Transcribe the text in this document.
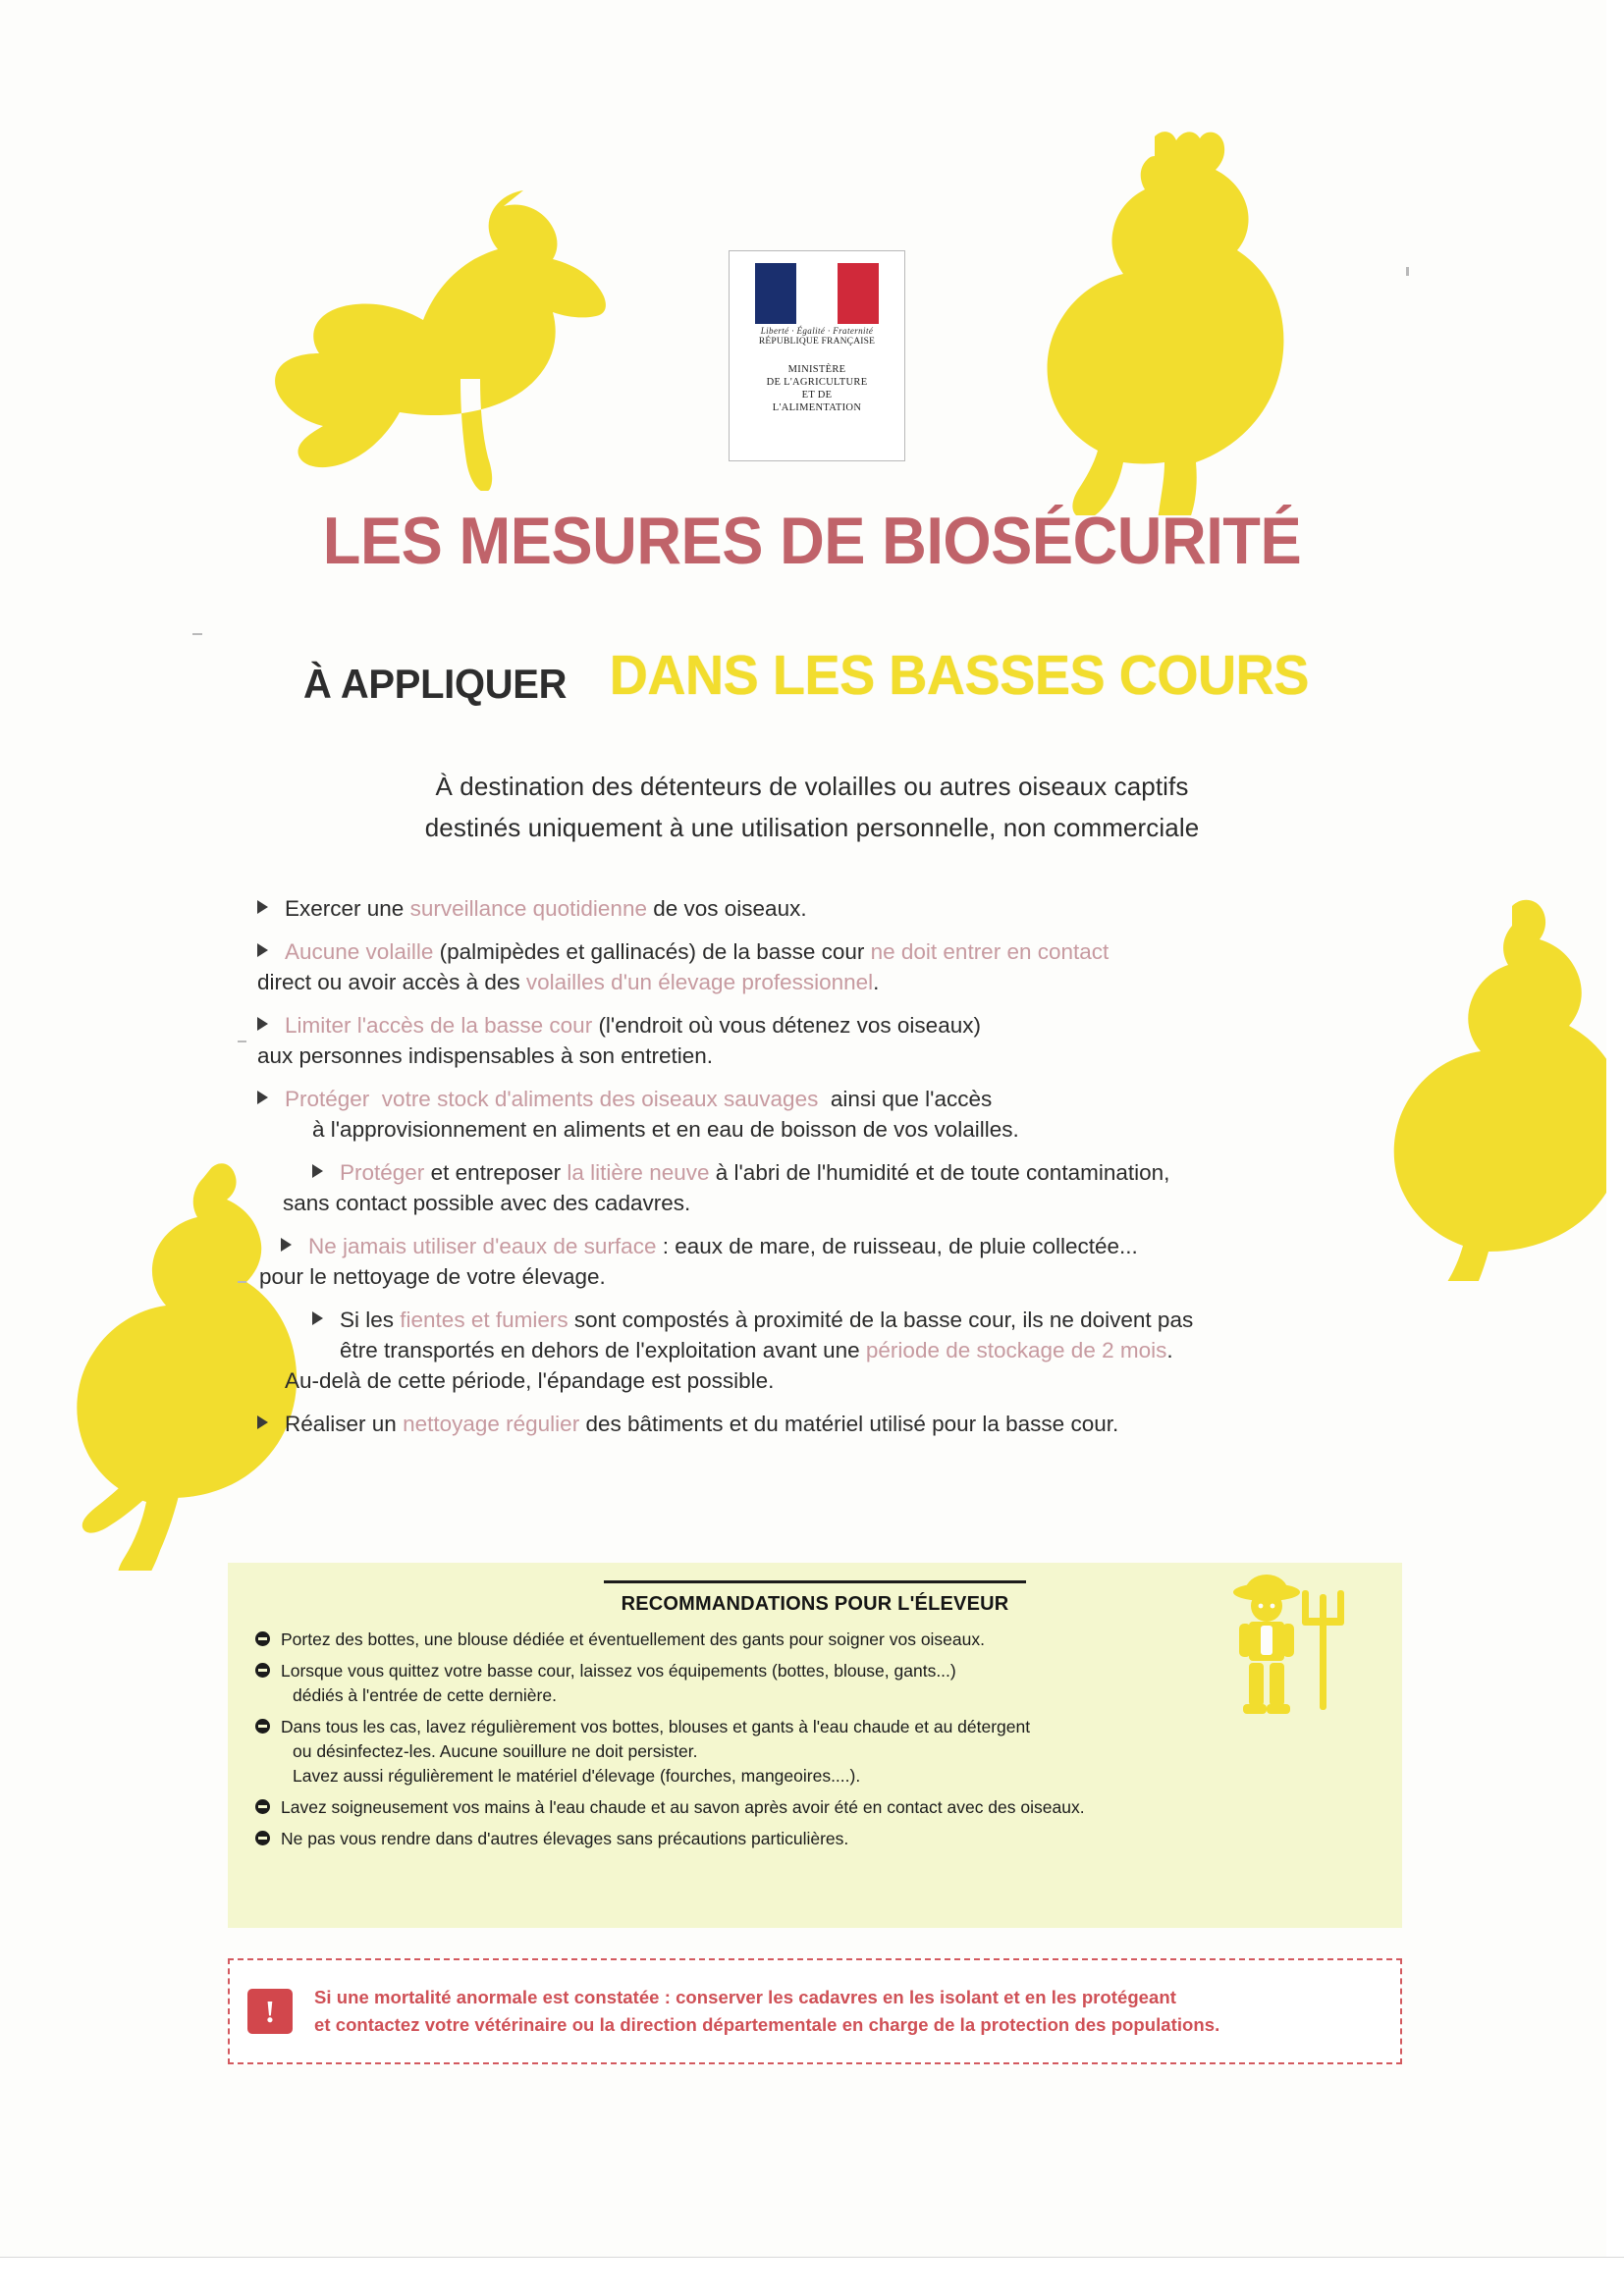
Liberté · Égalité · Fraternité
RÉPUBLIQUE FRANÇAISE
MINISTÈRE
DE L'AGRICULTURE
ET DE
L'ALIMENTATION
LES MESURES DE BIOSÉCURITÉ
À APPLIQUER DANS LES BASSES COURS
À destination des détenteurs de volailles ou autres oiseaux captifs
destinés uniquement à une utilisation personnelle, non commerciale
Exercer une surveillance quotidienne de vos oiseaux.
Aucune volaille (palmipèdes et gallinacés) de la basse cour ne doit entrer en contact
direct ou avoir accès à des volailles d'un élevage professionnel.
Limiter l'accès de la basse cour (l'endroit où vous détenez vos oiseaux)
aux personnes indispensables à son entretien.
Protéger  votre stock d'aliments des oiseaux sauvages  ainsi que l'accès
à l'approvisionnement en aliments et en eau de boisson de vos volailles.
Protéger et entreposer la litière neuve à l'abri de l'humidité et de toute contamination,
sans contact possible avec des cadavres.
Ne jamais utiliser d'eaux de surface : eaux de mare, de ruisseau, de pluie collectée...
pour le nettoyage de votre élevage.
Si les fientes et fumiers sont compostés à proximité de la basse cour, ils ne doivent pas
être transportés en dehors de l'exploitation avant une période de stockage de 2 mois.
Au-delà de cette période, l'épandage est possible.
Réaliser un nettoyage régulier des bâtiments et du matériel utilisé pour la basse cour.
RECOMMANDATIONS POUR L'ÉLEVEUR
Portez des bottes, une blouse dédiée et éventuellement des gants pour soigner vos oiseaux.
Lorsque vous quittez votre basse cour, laissez vos équipements (bottes, blouse, gants...)
dédiés à l'entrée de cette dernière.
Dans tous les cas, lavez régulièrement vos bottes, blouses et gants à l'eau chaude et au détergent
ou désinfectez-les. Aucune souillure ne doit persister.
Lavez aussi régulièrement le matériel d'élevage (fourches, mangeoires....).
Lavez soigneusement vos mains à l'eau chaude et au savon après avoir été en contact avec des oiseaux.
Ne pas vous rendre dans d'autres élevages sans précautions particulières.
! Si une mortalité anormale est constatée : conserver les cadavres en les isolant et en les protégeant
et contactez votre vétérinaire ou la direction départementale en charge de la protection des populations.
